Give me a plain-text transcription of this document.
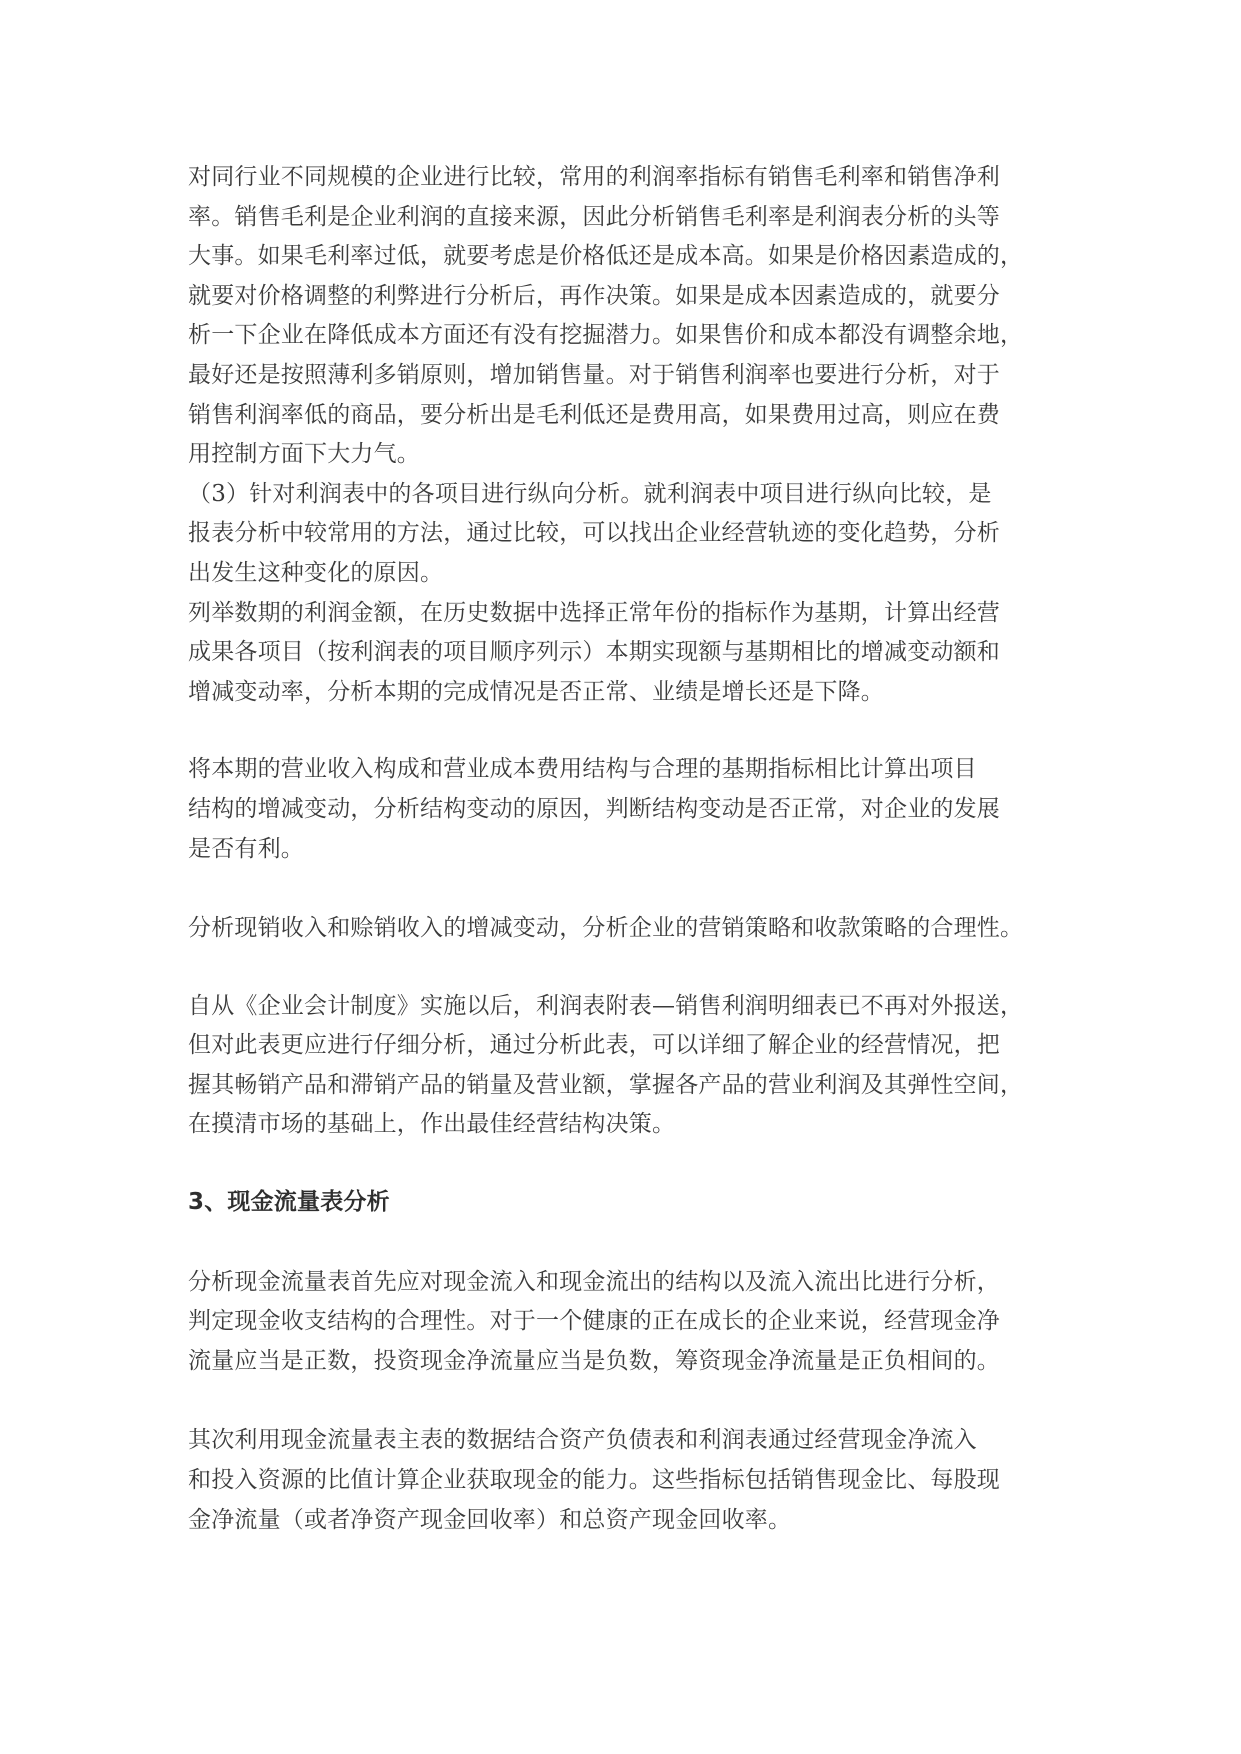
对同行业不同规模的企业进行比较，常用的利润率指标有销售毛利率和销售净利
率。销售毛利是企业利润的直接来源，因此分析销售毛利率是利润表分析的头等
大事。如果毛利率过低，就要考虑是价格低还是成本高。如果是价格因素造成的，
就要对价格调整的利弊进行分析后，再作决策。如果是成本因素造成的，就要分
析一下企业在降低成本方面还有没有挖掘潜力。如果售价和成本都没有调整余地，
最好还是按照薄利多销原则，增加销售量。对于销售利润率也要进行分析，对于
销售利润率低的商品，要分析出是毛利低还是费用高，如果费用过高，则应在费
用控制方面下大力气。
（3）针对利润表中的各项目进行纵向分析。就利润表中项目进行纵向比较，是
报表分析中较常用的方法，通过比较，可以找出企业经营轨迹的变化趋势，分析
出发生这种变化的原因。
列举数期的利润金额，在历史数据中选择正常年份的指标作为基期，计算出经营
成果各项目（按利润表的项目顺序列示）本期实现额与基期相比的增减变动额和
增减变动率，分析本期的完成情况是否正常、业绩是增长还是下降。
将本期的营业收入构成和营业成本费用结构与合理的基期指标相比计算出项目
结构的增减变动，分析结构变动的原因，判断结构变动是否正常，对企业的发展
是否有利。
分析现销收入和赊销收入的增减变动，分析企业的营销策略和收款策略的合理性。
自从《企业会计制度》实施以后，利润表附表—销售利润明细表已不再对外报送，
但对此表更应进行仔细分析，通过分析此表，可以详细了解企业的经营情况，把
握其畅销产品和滞销产品的销量及营业额，掌握各产品的营业利润及其弹性空间，
在摸清市场的基础上，作出最佳经营结构决策。
3、现金流量表分析
分析现金流量表首先应对现金流入和现金流出的结构以及流入流出比进行分析，
判定现金收支结构的合理性。对于一个健康的正在成长的企业来说，经营现金净
流量应当是正数，投资现金净流量应当是负数，筹资现金净流量是正负相间的。
其次利用现金流量表主表的数据结合资产负债表和利润表通过经营现金净流入
和投入资源的比值计算企业获取现金的能力。这些指标包括销售现金比、每股现
金净流量（或者净资产现金回收率）和总资产现金回收率。
